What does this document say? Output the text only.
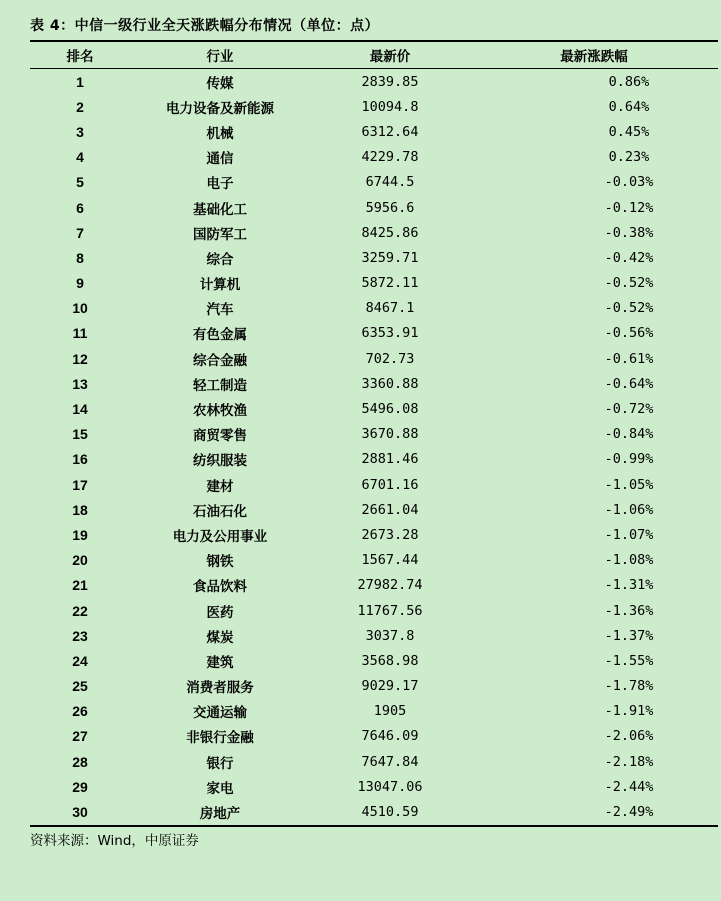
表 4：中信一级行业全天涨跌幅分布情况（单位：点）
排名	行业	最新价	最新涨跌幅

1	传媒	2839.85	0.86%
2	电力设备及新能源	10094.8	0.64%
3	机械	6312.64	0.45%
4	通信	4229.78	0.23%
5	电子	6744.5	-0.03%
6	基础化工	5956.6	-0.12%
7	国防军工	8425.86	-0.38%
8	综合	3259.71	-0.42%
9	计算机	5872.11	-0.52%
10	汽车	8467.1	-0.52%
11	有色金属	6353.91	-0.56%
12	综合金融	702.73	-0.61%
13	轻工制造	3360.88	-0.64%
14	农林牧渔	5496.08	-0.72%
15	商贸零售	3670.88	-0.84%
16	纺织服装	2881.46	-0.99%
17	建材	6701.16	-1.05%
18	石油石化	2661.04	-1.06%
19	电力及公用事业	2673.28	-1.07%
20	钢铁	1567.44	-1.08%
21	食品饮料	27982.74	-1.31%
22	医药	11767.56	-1.36%
23	煤炭	3037.8	-1.37%
24	建筑	3568.98	-1.55%
25	消费者服务	9029.17	-1.78%
26	交通运输	1905	-1.91%
27	非银行金融	7646.09	-2.06%
28	银行	7647.84	-2.18%
29	家电	13047.06	-2.44%
30	房地产	4510.59	-2.49%
资料来源：Wind，中原证券
